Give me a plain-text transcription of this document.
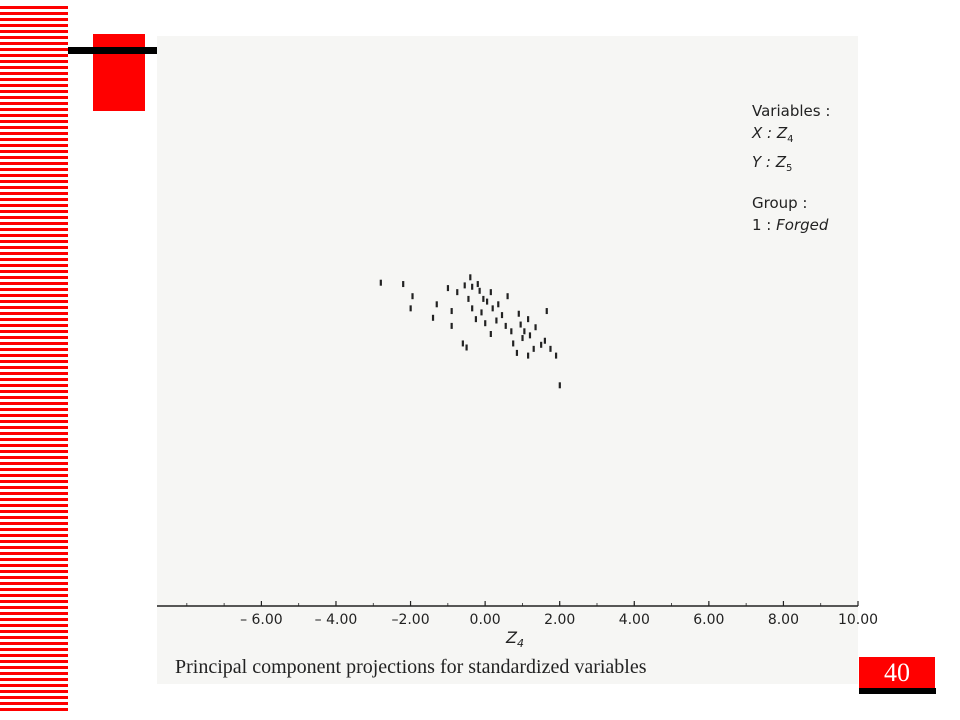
– 6.00 – 4.00 –2.00	0.00	2.00	4.00	6.00	8.00	10.00
$Z_4$
Variables :
X : $Z_4$
Y : $Z_5$
Group :
1 : Forged
Principal component projections for standardized variables	40
